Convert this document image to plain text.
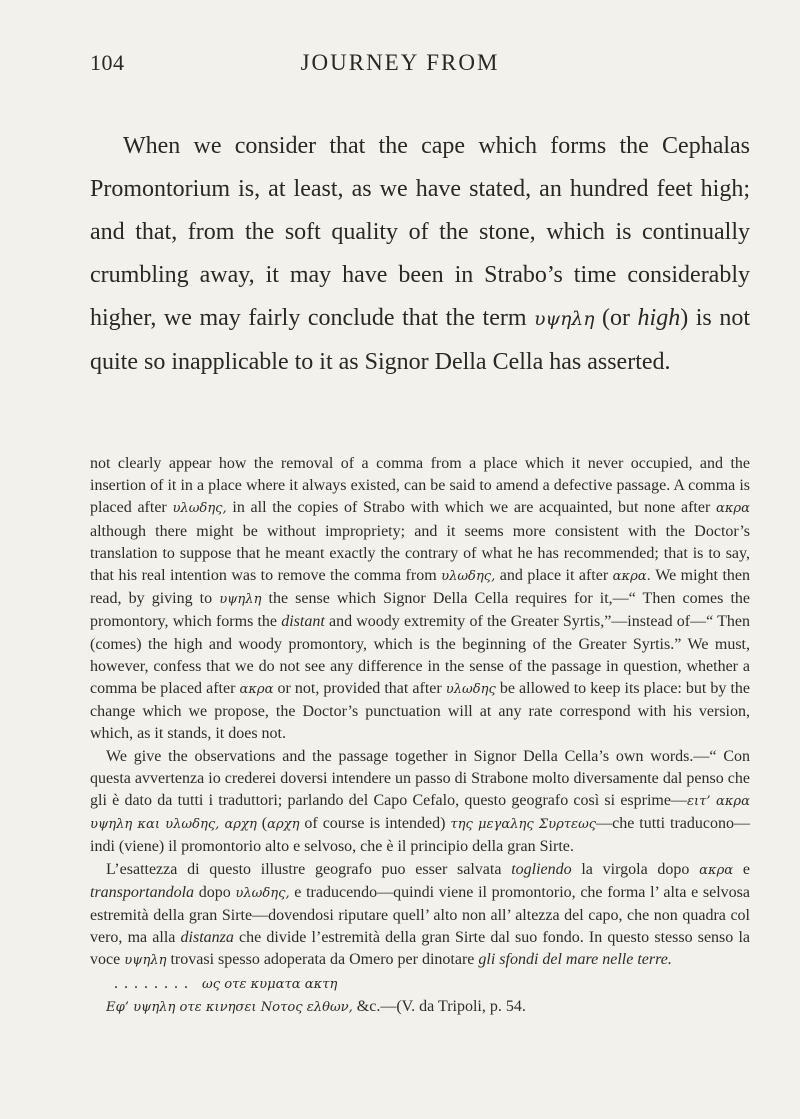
104	JOURNEY FROM

When we consider that the cape which forms the Cephalas Promontorium is, at least, as we have stated, an hundred feet high; and that, from the soft quality of the stone, which is continually crumbling away, it may have been in Strabo’s time considerably higher, we may fairly conclude that the term υψηλη (or high) is not quite so inapplicable to it as Signor Della Cella has asserted.

not clearly appear how the removal of a comma from a place which it never occupied, and the insertion of it in a place where it always existed, can be said to amend a defective passage. A comma is placed after υλωδης, in all the copies of Strabo with which we are acquainted, but none after ακρα although there might be without impropriety; and it seems more consistent with the Doctor’s translation to suppose that he meant exactly the contrary of what he has recommended; that is to say, that his real intention was to remove the comma from υλωδης, and place it after ακρα. We might then read, by giving to υψηλη the sense which Signor Della Cella requires for it,—“ Then comes the promontory, which forms the distant and woody extremity of the Greater Syrtis,”—instead of—“ Then (comes) the high and woody promontory, which is the beginning of the Greater Syrtis.” We must, however, confess that we do not see any difference in the sense of the passage in question, whether a comma be placed after ακρα or not, provided that after υλωδης be allowed to keep its place: but by the change which we propose, the Doctor’s punctuation will at any rate correspond with his version, which, as it stands, it does not.

We give the observations and the passage together in Signor Della Cella’s own words.—“ Con questa avvertenza io crederei doversi intendere un passo di Strabone molto diversamente dal penso che gli è dato da tutti i traduttori; parlando del Capo Cefalo, questo geografo così si esprime—ειτ’ ακρα υψηλη και υλωδης, αρχη (αρχη of course is intended) της μεγαλης Συρτεως—che tutti traducono—indi (viene) il promontorio alto e selvoso, che è il principio della gran Sirte.

L’esattezza di questo illustre geografo puo esser salvata togliendo la virgola dopo ακρα e transportandola dopo υλωδης, e traducendo—quindi viene il promontorio, che forma l’ alta e selvosa estremità della gran Sirte—dovendosi riputare quell’ alto non all’ altezza del capo, che non quadra col vero, ma alla distanza che divide l’estremità della gran Sirte dal suo fondo. In questo stesso senso la voce υψηλη trovasi spesso adoperata da Omero per dinotare gli sfondi del mare nelle terre.

........ ως οτε κυματα ακτη

Εφ’ υψηλη οτε κινησει Νοτος ελθων, &c.—(V. da Tripoli, p. 54.
